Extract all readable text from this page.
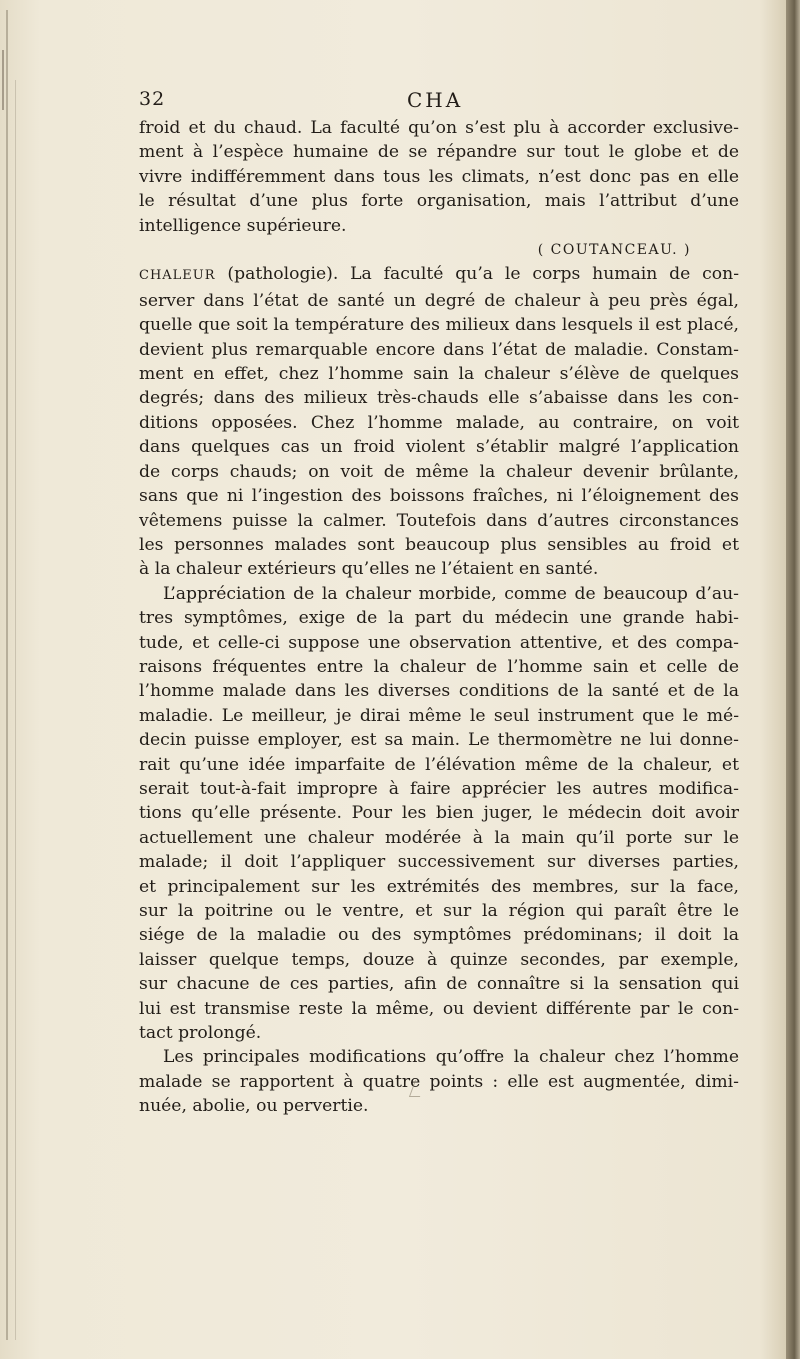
32	CHA

froid et du chaud. La faculté qu’on s’est plu à accorder exclusive-
ment à l’espèce humaine de se répandre sur tout le globe et de
vivre indifféremment dans tous les climats, n’est donc pas en elle
le résultat d’une plus forte organisation, mais l’attribut d’une
intelligence supérieure.

( COUTANCEAU. )

CHALEUR (pathologie). La faculté qu’a le corps humain de con-
server dans l’état de santé un degré de chaleur à peu près égal,
quelle que soit la température des milieux dans lesquels il est placé,
devient plus remarquable encore dans l’état de maladie. Constam-
ment en effet, chez l’homme sain la chaleur s’élève de quelques
degrés; dans des milieux très-chauds elle s’abaisse dans les con-
ditions opposées. Chez l’homme malade, au contraire, on voit
dans quelques cas un froid violent s’établir malgré l’application
de corps chauds; on voit de même la chaleur devenir brûlante,
sans que ni l’ingestion des boissons fraîches, ni l’éloignement des
vêtemens puisse la calmer. Toutefois dans d’autres circonstances
les personnes malades sont beaucoup plus sensibles au froid et
à la chaleur extérieurs qu’elles ne l’étaient en santé.

L’appréciation de la chaleur morbide, comme de beaucoup d’au-
tres symptômes, exige de la part du médecin une grande habi-
tude, et celle-ci suppose une observation attentive, et des compa-
raisons fréquentes entre la chaleur de l’homme sain et celle de
l’homme malade dans les diverses conditions de la santé et de la
maladie. Le meilleur, je dirai même le seul instrument que le mé-
decin puisse employer, est sa main. Le thermomètre ne lui donne-
rait qu’une idée imparfaite de l’élévation même de la chaleur, et
serait tout-à-fait impropre à faire apprécier les autres modifica-
tions qu’elle présente. Pour les bien juger, le médecin doit avoir
actuellement une chaleur modérée à la main qu’il porte sur le
malade; il doit l’appliquer successivement sur diverses parties,
et principalement sur les extrémités des membres, sur la face,
sur la poitrine ou le ventre, et sur la région qui paraît être le
siége de la maladie ou des symptômes prédominans; il doit la
laisser quelque temps, douze à quinze secondes, par exemple,
sur chacune de ces parties, afin de connaître si la sensation qui
lui est transmise reste la même, ou devient différente par le con-
tact prolongé.

Les principales modifications qu’offre la chaleur chez l’homme
malade se rapportent à quatre points : elle est augmentée, dimi-
nuée, abolie, ou pervertie.
